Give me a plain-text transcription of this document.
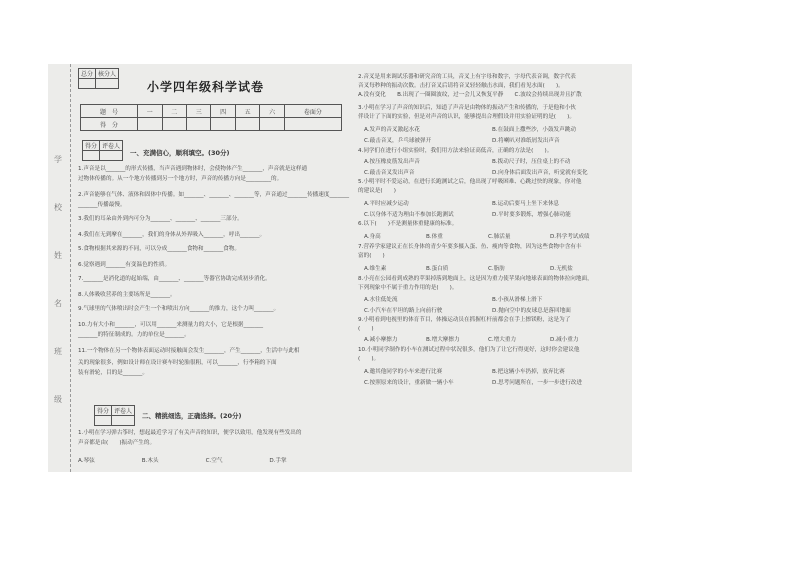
学
校
姓
名
班
级
总分	核分人

小学四年级科学试卷
题　号	一	二	三	四	五	六	卷面分
得　分							
得分	评卷人

一、充满信心，顺利填空。(30分)
1.声音是以_______的形式传播，当声音遇到物体时，会使物体产生_______，声音就是这样通
过物体传播的。从一个地方传播到另一个地方时，声音的传播方向是_________的。
2.声音能够在气体、液体和固体中传播。如_______、_______、_______等，声音通过_______传播速度_______
_______传播最慢。
3.我们的耳朵由外到内可分为_______、_______、_______三部分。
4.我们在无到摩在_______，我们的身体从外界吸入_______，呼出_______。
5.食物根据其来源的不同，可以分成_______食物和_______食物。
6.觉察遇到_______有变温色的性质。
7._______是消化道的起始端，由_______、_______等器官协助完成初步消化。
8.人体吸收营养的主要场所是_______。
9.气球里的气体喷出时会产生一个和喷出方向_______的推力，这个力叫_______。
10.力有大小和_______，可以用_______来测量力的大小，它是根据_______
_______的特征制成的。力的单位是_______。
11.一个物体在另一个物体表面运动时接触面会发生_______，产生_______，生活中与此相
关的现象很多，例如设计师在设计赛车时轮胎很粗，可以_______，行李箱的下面
装有滑轮，目的是_______。
得分	评卷人

二、精挑细选，正确选择。(20分)
1.小明在学习弹古筝时，想起最近学习了有关声音的知识，便学以致用，他发现有些发出的
声音都是由(　　)振动产生的。
A.琴弦	B.木头	C.空气	D.手掌
2.音叉是用来调试乐器和研究音的工具，音叉上有字母和数字，字母代表音调，数字代表
音叉每秒种的振动次数。击打音叉后请将音叉轻轻触击水面，我们看见水面(　　)。
A.没有变化　　B.出现了一圈圈波纹，过一会儿又恢复平静　　C.波纹会持续出现并且扩散
3.小明在学习了声音的知识后，知道了声音是由物体的振动产生和传播的，于是他和小伙
伴设计了下面的实验，但是对声音的认识，能够提出合理假设并用实验证明的是(　　)。
A.发声的音叉激起水花	B.在鼓面上撒些沙，小鼓发声跳动
C.敲击音叉，乒乓球被弹开	D.将喇叭对准纸屑发出声音
4.同学们在进行小组实验时，我们用方法来验证高低音，正确的方法是(　　)。
A.按压橡皮筋发出声音	B.拨动尺子时，压住桌上的不动
C.敲击音叉发出声音	D.向身体后面发出声音，听觉就有变化
5.小明平时不爱运动，在进行长跑测试之后，他出现了呼吸困难、心跳过快的现象，你对他
的建议是(　　)
A.平时应减少运动	B.运动后要马上坐下来休息
C.以身体不适为理由不参加长跑测试	D.平时要多锻炼，增强心肺功能
6.以下(　　)不是测量体重健康的标准。
A.身高	B.体重	C.肺活量	D.科学考试成绩
7.营养学家建议正在长身体的青少年要多摄入蛋、鱼、瘦肉等食物，因为这些食物中含有丰
富的(　　)
A.维生素	B.蛋白质	C.脂肪	D.无机盐
8.小亮在公园看到成熟的苹果掉落到地面上，这是因为重力使苹果向地球表面的物体拉向地面，
下列现象中不属于重力作用的是(　　)。
A.水往低处流	B.小孩从滑梯上滑下
C.小汽车在平坦的路上向前行驶	D.抛向空中的皮球总是落回地面
9.小明看到电视里的体育节目，体操运动员在抓握杠杆前都会在手上擦镁粉，这是为了
(　　)
A.减小摩擦力	B.增大摩擦力	C.增大重力	D.减小重力
10.小明同学制作的小车在测试过程中状况很多，他们为了让它行得更好，这时你会建议他
(　　)。
A.邀其他同学的小车来进行比赛	B.把这辆小车扔掉，放弃比赛
C.按照原来的设计，重新做一辆小车	D.思考问题所在，一步一步进行改进
